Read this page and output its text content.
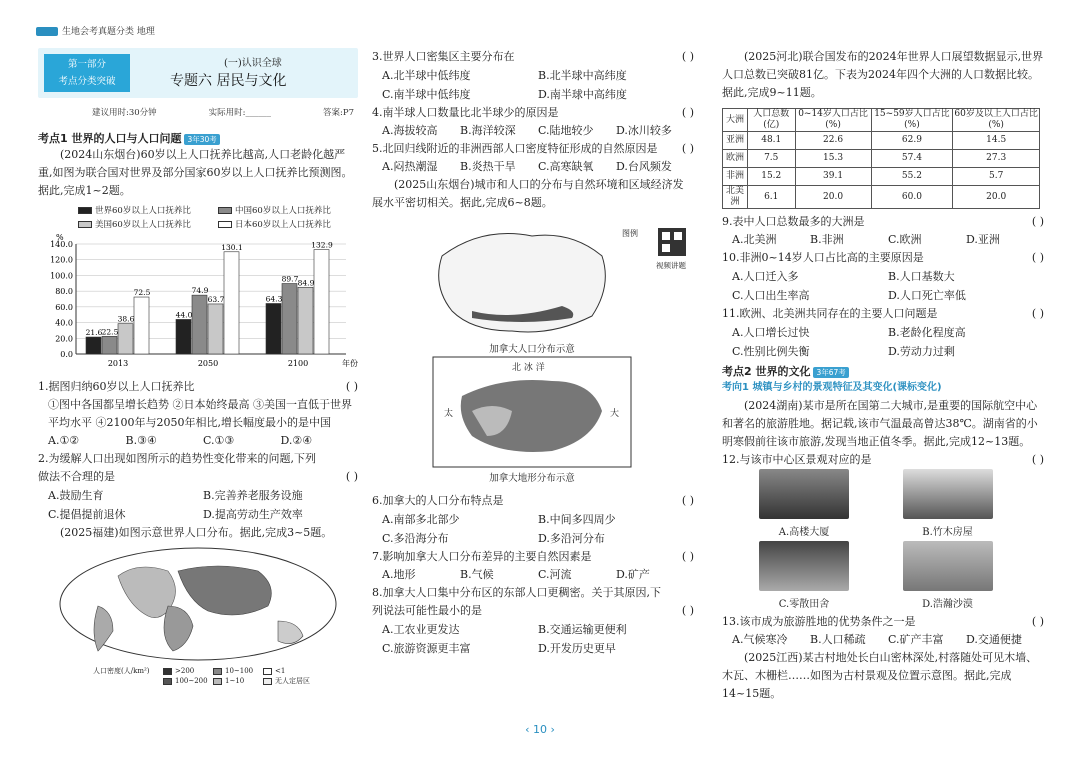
生地会考真题分类 地理
第一部分
考点分类突破
(一)认识全球
专题六 居民与文化
建议用时:30分钟	实际用时:______	答案:P7
考点1 世界的人口与人口问题 3年30考

(2024山东烟台)60岁以上人口抚养比越高,人口老龄化越严重,如图为联合国对世界及部分国家60岁以上人口抚养比预测图。据此,完成1~2题。

世界60岁以上人口抚养比	中国60岁以上人口抚养比
美国60岁以上人口抚养比	日本60岁以上人口抚养比
0.0
20.0
40.0
60.0
80.0
100.0
120.0
140.0
%
年份
2013
21.6 22.5
38.6
72.5
2050
44.0
74.9
63.7
130.1
2100
64.3
89.7 84.9
132.9
1.据图归纳60岁以上人口抚养比	( )

①图中各国都呈增长趋势 ②日本始终最高 ③美国一直低于世界平均水平 ④2100年与2050年相比,增长幅度最小的是中国

A.①②	B.③④	C.①③	D.②④
2.为缓解人口出现如图所示的趋势性变化带来的问题,下列做法不合理的是	( )
A.鼓励生育	B.完善养老服务设施
C.提倡提前退休	D.提高劳动生产效率

(2025福建)如图示意世界人口分布。据此,完成3~5题。

人口密度(人/km²)	>200	10~100	<1
100~200	1~10	无人定居区
3.世界人口密集区主要分布在	( )
A.北半球中低纬度	B.北半球中高纬度
C.南半球中低纬度	D.南半球中高纬度
4.南半球人口数量比北半球少的原因是	( )
A.海拔较高	B.海洋较深	C.陆地较少	D.冰川较多
5.北回归线附近的非洲西部人口密度特征形成的自然原因是 ( )
A.闷热潮湿	B.炎热干旱	C.高寒缺氧	D.台风频发

(2025山东烟台)城市和人口的分布与自然环境和区域经济发展水平密切相关。据此,完成6~8题。

图例
视频讲题
加拿大人口分布示意
北 冰 洋
太	大
加拿大地形分布示意
6.加拿大的人口分布特点是	( )
A.南部多北部少	B.中间多四周少
C.多沿海分布	D.多沿河分布
7.影响加拿大人口分布差异的主要自然因素是	( )
A.地形	B.气候	C.河流	D.矿产
8.加拿大人口集中分布区的东部人口更稠密。关于其原因,下列说法可能性最小的是	( )
A.工农业更发达	B.交通运输更便利
C.旅游资源更丰富	D.开发历史更早

(2025河北)联合国发布的2024年世界人口展望数据显示,世界人口总数已突破81亿。下表为2024年四个大洲的人口数据比较。据此,完成9~11题。

大洲	人口总数(亿)	0~14岁人口占比(%)	15~59岁人口占比(%)	60岁及以上人口占比(%)
亚洲	48.1	22.6	62.9	14.5
欧洲	7.5	15.3	57.4	27.3
非洲	15.2	39.1	55.2	5.7
北美洲	6.1	20.0	60.0	20.0
9.表中人口总数最多的大洲是	( )
A.北美洲	B.非洲	C.欧洲	D.亚洲
10.非洲0~14岁人口占比高的主要原因是	( )
A.人口迁入多	B.人口基数大
C.人口出生率高	D.人口死亡率低
11.欧洲、北美洲共同存在的主要人口问题是	( )
A.人口增长过快	B.老龄化程度高
C.性别比例失衡	D.劳动力过剩
考点2 世界的文化 3年67考
考向1 城镇与乡村的景观特征及其变化(课标变化)

(2024湖南)某市是所在国第二大城市,是重要的国际航空中心和著名的旅游胜地。据记载,该市气温最高曾达38℃。湖南省的小明寒假前往该市旅游,发现当地正值冬季。据此,完成12~13题。

12.与该市中心区景观对应的是	( )
A.高楼大厦
	B.竹木房屋

C.零散田舍
	D.浩瀚沙漠
13.该市成为旅游胜地的优势条件之一是	( )
A.气候寒冷	B.人口稀疏	C.矿产丰富	D.交通便捷

(2025江西)某古村地处长白山密林深处,村落随处可见木墙、木瓦、木栅栏……如图为古村景观及位置示意图。据此,完成14~15题。

‹ 10 ›
